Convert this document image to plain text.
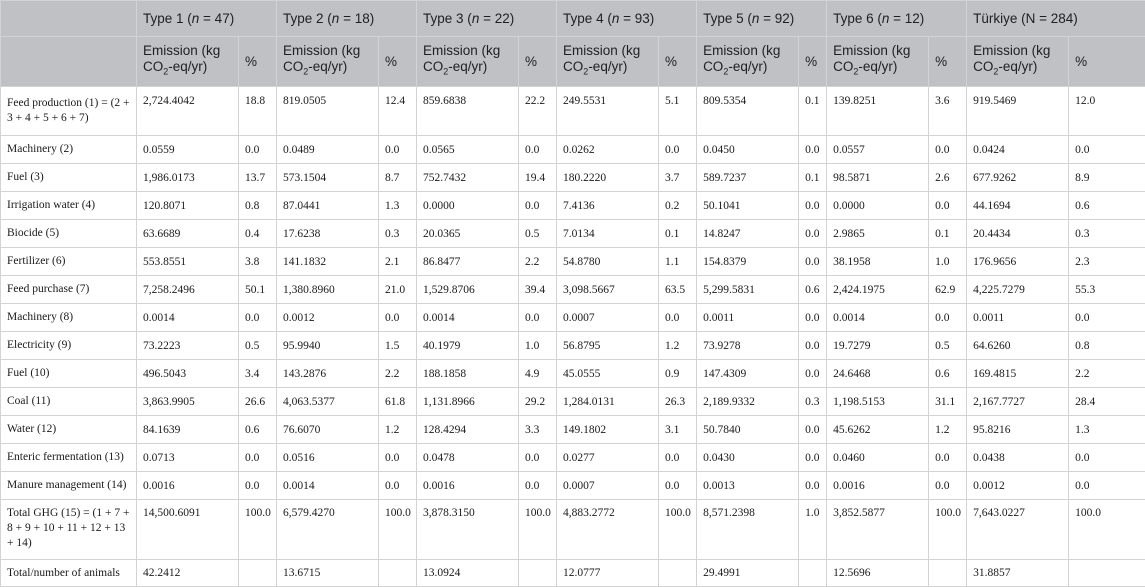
	Type 1 (n = 47)		Type 2 (n = 18)		Type 3 (n = 22)		Type 4 (n = 93)		Type 5 (n = 92)		Type 6 (n = 12)		Türkiye (N = 284)	
	Emission (kg
$CO_2-eq/yr$)	%	Emission (kg
$CO_2-eq/yr$)	%	Emission (kg
$CO_2-eq/yr$)	%	Emission (kg
$CO_2-eq/yr$)	%	Emission (kg
$CO_2-eq/yr$)	%	Emission (kg
$CO_2-eq/yr$)	%	Emission (kg
$CO_2-eq/yr$)	%
Feed production (1) = (2 + 3 + 4 + 5 + 6 + 7)	2,724.4042	18.8	819.0505	12.4	859.6838	22.2	249.5531	5.1	809.5354	0.1	139.8251	3.6	919.5469	12.0
Machinery (2)	0.0559	0.0	0.0489	0.0	0.0565	0.0	0.0262	0.0	0.0450	0.0	0.0557	0.0	0.0424	0.0
Fuel (3)	1,986.0173	13.7	573.1504	8.7	752.7432	19.4	180.2220	3.7	589.7237	0.1	98.5871	2.6	677.9262	8.9
Irrigation water (4)	120.8071	0.8	87.0441	1.3	0.0000	0.0	7.4136	0.2	50.1041	0.0	0.0000	0.0	44.1694	0.6
Biocide (5)	63.6689	0.4	17.6238	0.3	20.0365	0.5	7.0134	0.1	14.8247	0.0	2.9865	0.1	20.4434	0.3
Fertilizer (6)	553.8551	3.8	141.1832	2.1	86.8477	2.2	54.8780	1.1	154.8379	0.0	38.1958	1.0	176.9656	2.3
Feed purchase (7)	7,258.2496	50.1	1,380.8960	21.0	1,529.8706	39.4	3,098.5667	63.5	5,299.5831	0.6	2,424.1975	62.9	4,225.7279	55.3
Machinery (8)	0.0014	0.0	0.0012	0.0	0.0014	0.0	0.0007	0.0	0.0011	0.0	0.0014	0.0	0.0011	0.0
Electricity (9)	73.2223	0.5	95.9940	1.5	40.1979	1.0	56.8795	1.2	73.9278	0.0	19.7279	0.5	64.6260	0.8
Fuel (10)	496.5043	3.4	143.2876	2.2	188.1858	4.9	45.0555	0.9	147.4309	0.0	24.6468	0.6	169.4815	2.2
Coal (11)	3,863.9905	26.6	4,063.5377	61.8	1,131.8966	29.2	1,284.0131	26.3	2,189.9332	0.3	1,198.5153	31.1	2,167.7727	28.4
Water (12)	84.1639	0.6	76.6070	1.2	128.4294	3.3	149.1802	3.1	50.7840	0.0	45.6262	1.2	95.8216	1.3
Enteric fermentation (13)	0.0713	0.0	0.0516	0.0	0.0478	0.0	0.0277	0.0	0.0430	0.0	0.0460	0.0	0.0438	0.0
Manure management (14)	0.0016	0.0	0.0014	0.0	0.0016	0.0	0.0007	0.0	0.0013	0.0	0.0016	0.0	0.0012	0.0
Total GHG (15) = (1 + 7 + 8 + 9 + 10 + 11 + 12 + 13 + 14)	14,500.6091	100.0	6,579.4270	100.0	3,878.3150	100.0	4,883.2772	100.0	8,571.2398	1.0	3,852.5877	100.0	7,643.0227	100.0
Total/number of animals	42.2412		13.6715		13.0924		12.0777		29.4991		12.5696		31.8857	
